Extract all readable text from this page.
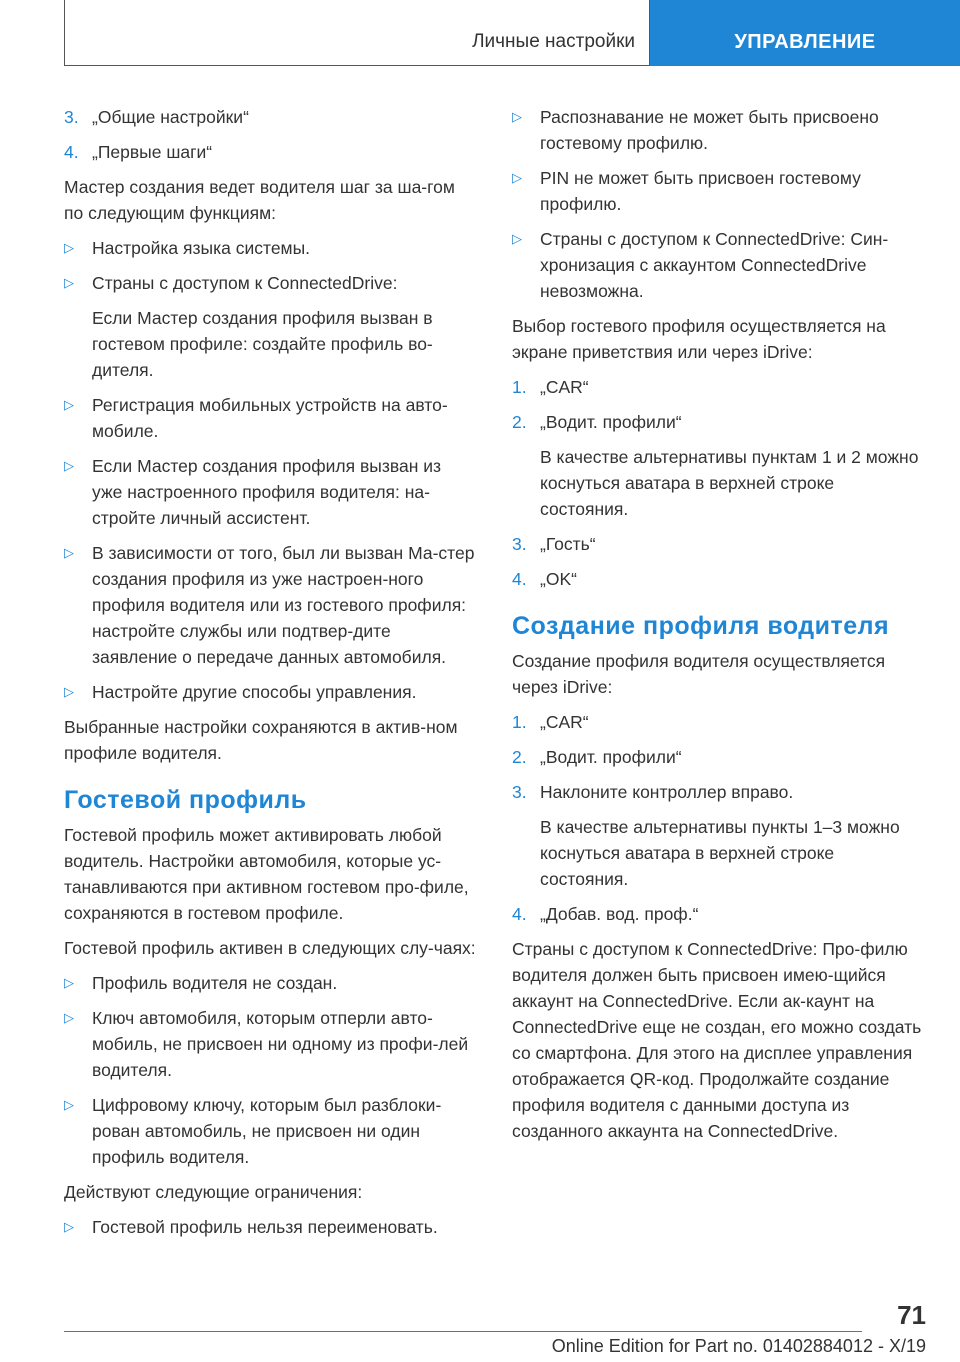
Личные настройки	УПРАВЛЕНИЕ
3. „Общие настройки“
4. „Первые шаги“

Мастер создания ведет водителя шаг за ша-гом по следующим функциям:

▷	Настройка языка системы.
▷	Страны с доступом к ConnectedDrive:

Если Мастер создания профиля вызван в гостевом профиле: создайте профиль во-дителя.

▷	Регистрация мобильных устройств на авто-мобиле.
▷	Если Мастер создания профиля вызван из уже настроенного профиля водителя: на-стройте личный ассистент.
▷	В зависимости от того, был ли вызван Ма-стер создания профиля из уже настроен-ного профиля водителя или из гостевого профиля: настройте службы или подтвер-дите заявление о передаче данных автомобиля.
▷	Настройте другие способы управления.

Выбранные настройки сохраняются в актив-ном профиле водителя.

Гостевой профиль

Гостевой профиль может активировать любой водитель. Настройки автомобиля, которые ус-танавливаются при активном гостевом про-филе, сохраняются в гостевом профиле.

Гостевой профиль активен в следующих слу-чаях:

▷	Профиль водителя не создан.
▷	Ключ автомобиля, которым отперли авто-мобиль, не присвоен ни одному из профи-лей водителя.
▷	Цифровому ключу, которым был разблоки-рован автомобиль, не присвоен ни один профиль водителя.

Действуют следующие ограничения:

▷	Гостевой профиль нельзя переименовать.
▷	Распознавание не может быть присвоено гостевому профилю.
▷	PIN не может быть присвоен гостевому профилю.
▷	Страны с доступом к ConnectedDrive: Син-хронизация с аккаунтом ConnectedDrive невозможна.

Выбор гостевого профиля осуществляется на экране приветствия или через iDrive:

1. „CAR“
2. „Водит. профили“

В качестве альтернативы пунктам 1 и 2 можно коснуться аватара в верхней строке состояния.

3. „Гость“
4. „OK“
Создание профиля водителя

Создание профиля водителя осуществляется через iDrive:

1. „CAR“
2. „Водит. профили“
3. Наклоните контроллер вправо.

В качестве альтернативы пункты 1–3 можно коснуться аватара в верхней строке состояния.

4. „Добав. вод. проф.“

Страны с доступом к ConnectedDrive: Про-филю водителя должен быть присвоен имею-щийся аккаунт на ConnectedDrive. Если ак-каунт на ConnectedDrive еще не создан, его можно создать со смартфона. Для этого на дисплее управления отображается QR-код. Продолжайте создание профиля водителя с данными доступа из созданного аккаунта на ConnectedDrive.

71
Online Edition for Part no. 01402884012 - X/19
